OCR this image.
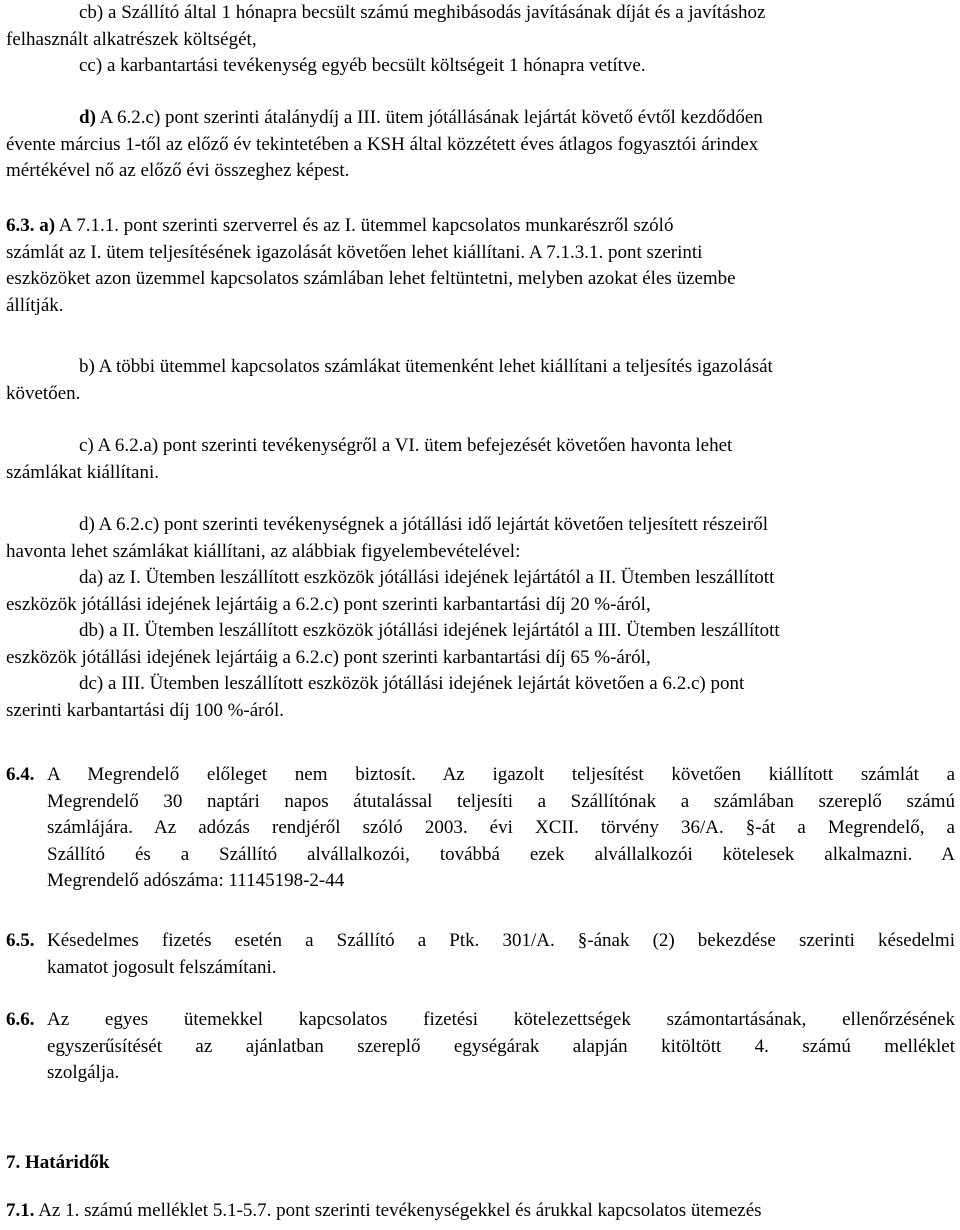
cb) a Szállító által 1 hónapra becsült számú meghibásodás javításának díját és a javításhoz
felhasznált alkatrészek költségét,
cc) a karbantartási tevékenység egyéb becsült költségeit 1 hónapra vetítve.
d) A 6.2.c) pont szerinti átalánydíj a III. ütem jótállásának lejártát követő évtől kezdődően
évente március 1-től az előző év tekintetében a KSH által közzétett éves átlagos fogyasztói árindex
mértékével nő az előző évi összeghez képest.
6.3. a) A 7.1.1. pont szerinti szerverrel és az I. ütemmel kapcsolatos munkarészről szóló
számlát az I. ütem teljesítésének igazolását követően lehet kiállítani. A 7.1.3.1. pont szerinti
eszközöket azon üzemmel kapcsolatos számlában lehet feltüntetni, melyben azokat éles üzembe
állítják.
b) A többi ütemmel kapcsolatos számlákat ütemenként lehet kiállítani a teljesítés igazolását
követően.
c) A 6.2.a) pont szerinti tevékenységről a VI. ütem befejezését követően havonta lehet
számlákat kiállítani.
d) A 6.2.c) pont szerinti tevékenységnek a jótállási idő lejártát követően teljesített részeiről
havonta lehet számlákat kiállítani, az alábbiak figyelembevételével:
da) az I. Ütemben leszállított eszközök jótállási idejének lejártától a II. Ütemben leszállított
eszközök jótállási idejének lejártáig a 6.2.c) pont szerinti karbantartási díj 20 %-áról,
db) a II. Ütemben leszállított eszközök jótállási idejének lejártától a III. Ütemben leszállított
eszközök jótállási idejének lejártáig a 6.2.c) pont szerinti karbantartási díj 65 %-áról,
dc) a III. Ütemben leszállított eszközök jótállási idejének lejártát követően a 6.2.c) pont
szerinti karbantartási díj 100 %-áról.
6.4. A Megrendelő előleget nem biztosít. Az igazolt teljesítést követően kiállított számlát a
Megrendelő 30 naptári napos átutalással teljesíti a Szállítónak a számlában szereplő számú
számlájára. Az adózás rendjéről szóló 2003. évi XCII. törvény 36/A. §-át a Megrendelő, a
Szállító és a Szállító alvállalkozói, továbbá ezek alvállalkozói kötelesek alkalmazni. A
Megrendelő adószáma: 11145198-2-44
6.5. Késedelmes fizetés esetén a Szállító a Ptk. 301/A. §-ának (2) bekezdése szerinti késedelmi
kamatot jogosult felszámítani.
6.6. Az egyes ütemekkel kapcsolatos fizetési kötelezettségek számontartásának, ellenőrzésének
egyszerűsítését az ajánlatban szereplő egységárak alapján kitöltött 4. számú melléklet
szolgálja.
7. Határidők
7.1. Az 1. számú melléklet 5.1-5.7. pont szerinti tevékenységekkel és árukkal kapcsolatos ütemezés
